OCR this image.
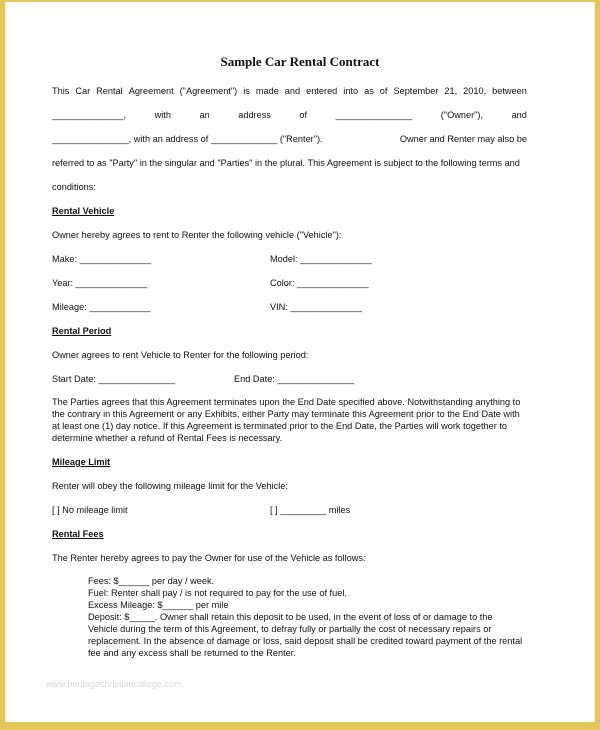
Sample Car Rental Contract
This Car Rental Agreement ("Agreement") is made and entered into as of September 21, 2010, between
______________,	with	an	address	of	_______________	("Owner"),	and
_______________, with an address of _____________ ("Renter").	Owner and Renter may also be
referred to as "Party" in the singular and "Parties" in the plural. This Agreement is subject to the following terms and
conditions:
Rental Vehicle
Owner hereby agrees to rent to Renter the following vehicle ("Vehicle"):
Make: ______________	Model: ______________
Year: ______________	Color: ______________
Mileage: ____________	VIN: ______________
Rental Period
Owner agrees to rent Vehicle to Renter for the following period:
Start Date: _______________	End Date: _______________
The Parties agrees that this Agreement terminates upon the End Date specified above. Notwithstanding anything to
the contrary in this Agreement or any Exhibits, either Party may terminate this Agreement prior to the End Date with
at least one (1) day notice. If this Agreement is terminated prior to the End Date, the Parties will work together to
determine whether a refund of Rental Fees is necessary.
Mileage Limit
Renter will obey the following mileage limit for the Vehicle:
[ ] No mileage limit	[ ] _________ miles
Rental Fees
The Renter hereby agrees to pay the Owner for use of the Vehicle as follows:
Fees: $______ per day / week.
Fuel: Renter shall pay / is not required to pay for the use of fuel.
Excess Mileage: $______ per mile
Deposit: $_____. Owner shall retain this deposit to be used, in the event of loss of or damage to the
Vehicle during the term of this Agreement, to defray fully or partially the cost of necessary repairs or
replacement. In the absence of damage or loss, said deposit shall be credited toward payment of the rental
fee and any excess shall be returned to the Renter.
www.heritagechristiancollege.com
